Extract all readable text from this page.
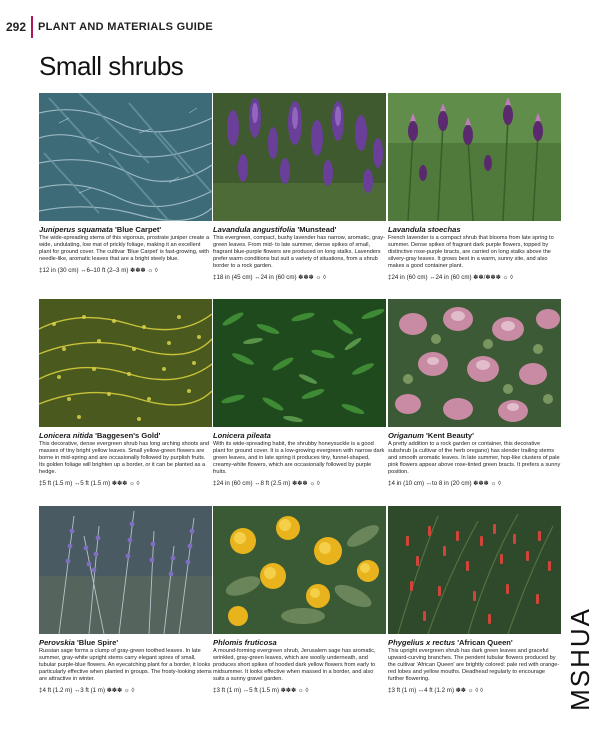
292 PLANT AND MATERIALS GUIDE
Small shrubs
Juniperus squamata 'Blue Carpet'
The wide-spreading stems of this vigorous, prostrate juniper create a wide, undulating, low mat of prickly foliage, making it an excellent plant for ground cover. The cultivar 'Blue Carpet' is fast-growing, with needle-like, aromatic leaves that are a bright steely blue.
‡12 in (30 cm) ↔6–10 ft (2–3 m) ✽✽✽ ☼ ◊
Lavandula angustifolia 'Munstead'
This evergreen, compact, bushy lavender has narrow, aromatic, gray-green leaves. From mid- to late summer, dense spikes of small, fragrant blue-purple flowers are produced on long stalks. Lavenders prefer warm conditions but suit a variety of situations, from a shrub border to a rock garden.
‡18 in (45 cm) ↔24 in (60 cm) ✽✽✽ ☼ ◊
Lavandula stoechas
French lavender is a compact shrub that blooms from late spring to summer. Dense spikes of fragrant dark purple flowers, topped by distinctive rose-purple bracts, are carried on long stalks above the silvery-gray leaves. It grows best in a warm, sunny site, and also makes a good container plant.
‡24 in (60 cm) ↔24 in (60 cm) ✽✽/✽✽✽ ☼ ◊
Lonicera nitida 'Baggesen's Gold'
This decorative, dense evergreen shrub has long arching shoots and masses of tiny bright yellow leaves. Small yellow-green flowers are borne in mid-spring and are occasionally followed by purplish fruits. Its golden foliage will brighten up a border, or it can be planted as a hedge.
‡5 ft (1.5 m) ↔5 ft (1.5 m) ✽✽✽ ☼ ◊
Lonicera pileata
With its wide-spreading habit, the shrubby honeysuckle is a good plant for ground cover. It is a low-growing evergreen with narrow dark green leaves, and in late spring it produces tiny, funnel-shaped, creamy-white flowers, which are occasionally followed by purple fruits.
‡24 in (60 cm) ↔8 ft (2.5 m) ✽✽✽ ☼ ◊
Origanum 'Kent Beauty'
A pretty addition to a rock garden or container, this decorative subshrub (a cultivar of the herb oregano) has slender trailing stems and smooth aromatic leaves. In late summer, hop-like clusters of pale pink flowers appear above rose-tinted green bracts. It prefers a sunny position.
‡4 in (10 cm) ↔to 8 in (20 cm) ✽✽✽ ☼ ◊
Perovskia 'Blue Spire'
Russian sage forms a clump of gray-green toothed leaves. In late summer, gray-white upright stems carry elegant spires of small, tubular purple-blue flowers. An eyecatching plant for a border, it looks particularly effective when planted in groups. The frosty-looking stems are attractive in winter.
‡4 ft (1.2 m) ↔3 ft (1 m) ✽✽✽ ☼ ◊
Phlomis fruticosa
A mound-forming evergreen shrub, Jerusalem sage has aromatic, wrinkled, gray-green leaves, which are woolly underneath, and produces short spikes of hooded dark yellow flowers from early to midsummer. It looks effective when massed in a border, and also suits a sunny gravel garden.
‡3 ft (1 m) ↔5 ft (1.5 m) ✽✽✽ ☼ ◊
Phygelius x rectus 'African Queen'
This upright evergreen shrub has dark green leaves and graceful upward-curving branches. The pendent tubular flowers produced by the cultivar 'African Queen' are brightly colored: pale red with orange-red lobes and yellow mouths. Deadhead regularly to encourage further flowering.
‡3 ft (1 m) ↔4 ft (1.2 m) ✽✽ ☼ ◊ ◊	MSHUA
